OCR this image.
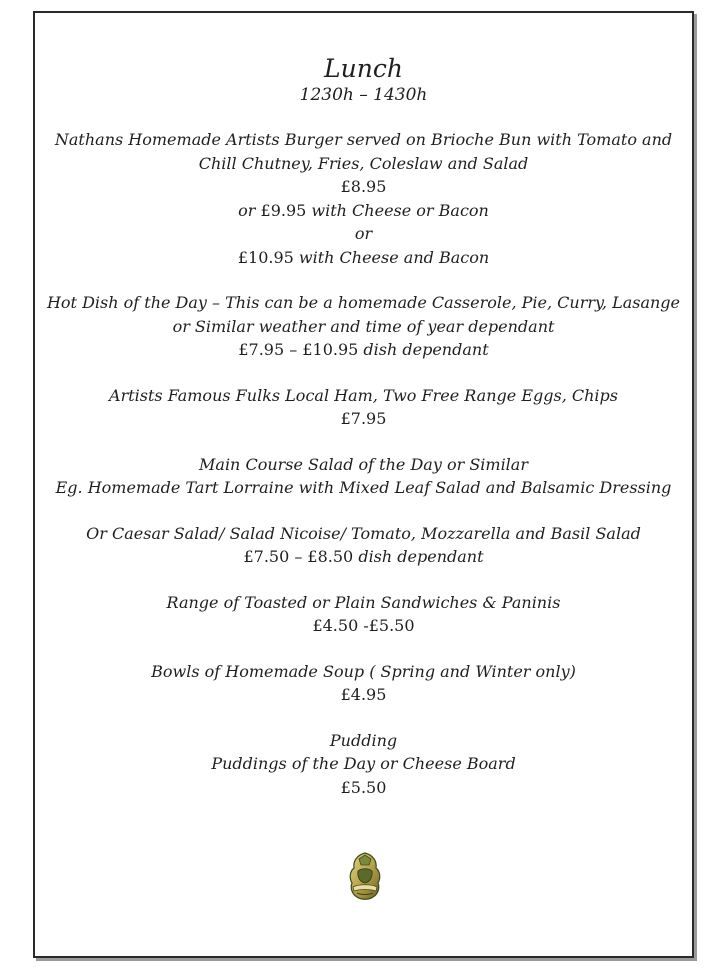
Lunch
1230h – 1430h
Nathans Homemade Artists Burger served on Brioche Bun with Tomato and
Chill Chutney, Fries, Coleslaw and Salad
£8.95
or £9.95 with Cheese or Bacon
or
£10.95 with Cheese and Bacon
Hot Dish of the Day – This can be a homemade Casserole, Pie, Curry, Lasange
or Similar weather and time of year dependant
£7.95 – £10.95 dish dependant
Artists Famous Fulks Local Ham, Two Free Range Eggs, Chips
£7.95
Main Course Salad of the Day or Similar
Eg. Homemade Tart Lorraine with Mixed Leaf Salad and Balsamic Dressing
Or Caesar Salad/ Salad Nicoise/ Tomato, Mozzarella and Basil Salad
£7.50 – £8.50 dish dependant
Range of Toasted or Plain Sandwiches & Paninis
£4.50 -£5.50
Bowls of Homemade Soup ( Spring and Winter only)
£4.95
Pudding
Puddings of the Day or Cheese Board
£5.50
